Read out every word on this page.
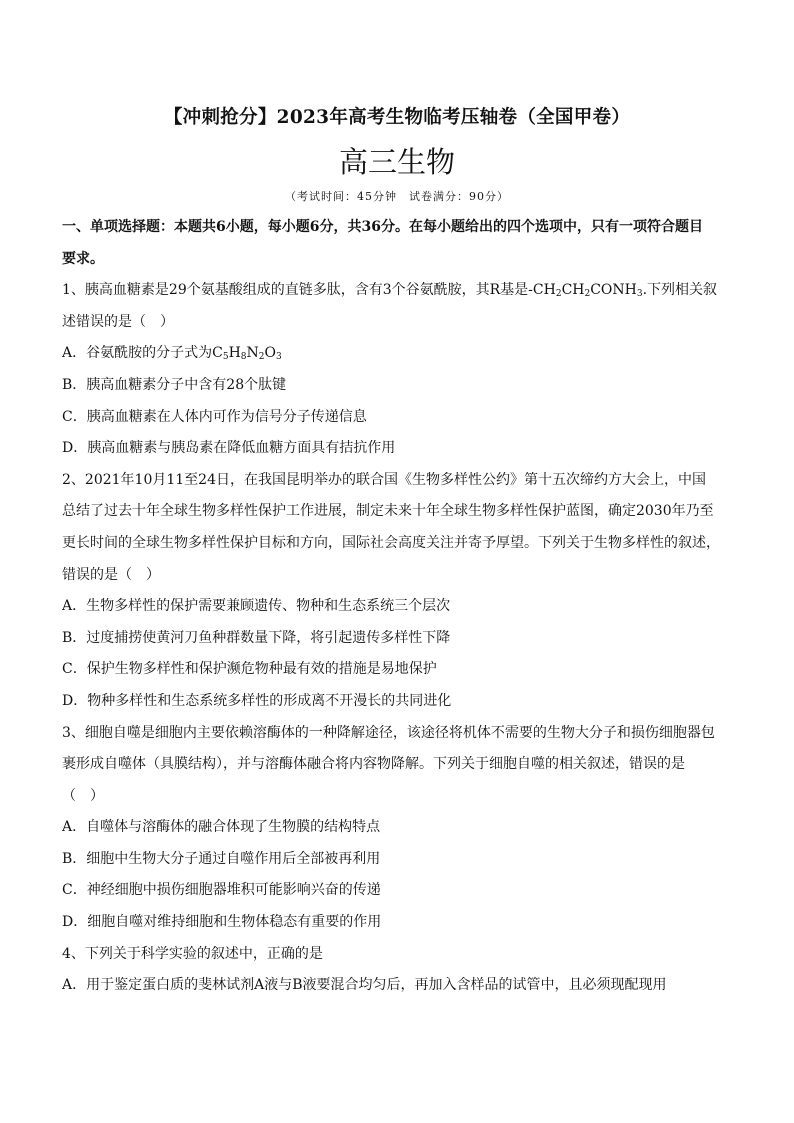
【冲刺抢分】2023年高考生物临考压轴卷（全国甲卷）
高三生物
（考试时间：45分钟　试卷满分：90分）
一、单项选择题：本题共6小题，每小题6分，共36分。在每小题给出的四个选项中，只有一项符合题目
要求。
1、胰高血糖素是29个氨基酸组成的直链多肽，含有3个谷氨酰胺，其R基是$-CH_2CH_2CONH_3$.下列相关叙
述错误的是（　）
A．谷氨酰胺的分子式为$C_5H_8N_2O_3$
B．胰高血糖素分子中含有28个肽键
C．胰高血糖素在人体内可作为信号分子传递信息
D．胰高血糖素与胰岛素在降低血糖方面具有拮抗作用
2、2021年10月11至24日，在我国昆明举办的联合国《生物多样性公约》第十五次缔约方大会上，中国
总结了过去十年全球生物多样性保护工作进展，制定未来十年全球生物多样性保护蓝图，确定2030年乃至
更长时间的全球生物多样性保护目标和方向，国际社会高度关注并寄予厚望。下列关于生物多样性的叙述，
错误的是（　）
A．生物多样性的保护需要兼顾遗传、物种和生态系统三个层次
B．过度捕捞使黄河刀鱼种群数量下降，将引起遗传多样性下降
C．保护生物多样性和保护濒危物种最有效的措施是易地保护
D．物种多样性和生态系统多样性的形成离不开漫长的共同进化
3、细胞自噬是细胞内主要依赖溶酶体的一种降解途径，该途径将机体不需要的生物大分子和损伤细胞器包
裹形成自噬体（具膜结构），并与溶酶体融合将内容物降解。下列关于细胞自噬的相关叙述，错误的是
（　）
A．自噬体与溶酶体的融合体现了生物膜的结构特点
B．细胞中生物大分子通过自噬作用后全部被再利用
C．神经细胞中损伤细胞器堆积可能影响兴奋的传递
D．细胞自噬对维持细胞和生物体稳态有重要的作用
4、下列关于科学实验的叙述中，正确的是
A．用于鉴定蛋白质的斐林试剂A液与B液要混合均匀后，再加入含样品的试管中，且必须现配现用
